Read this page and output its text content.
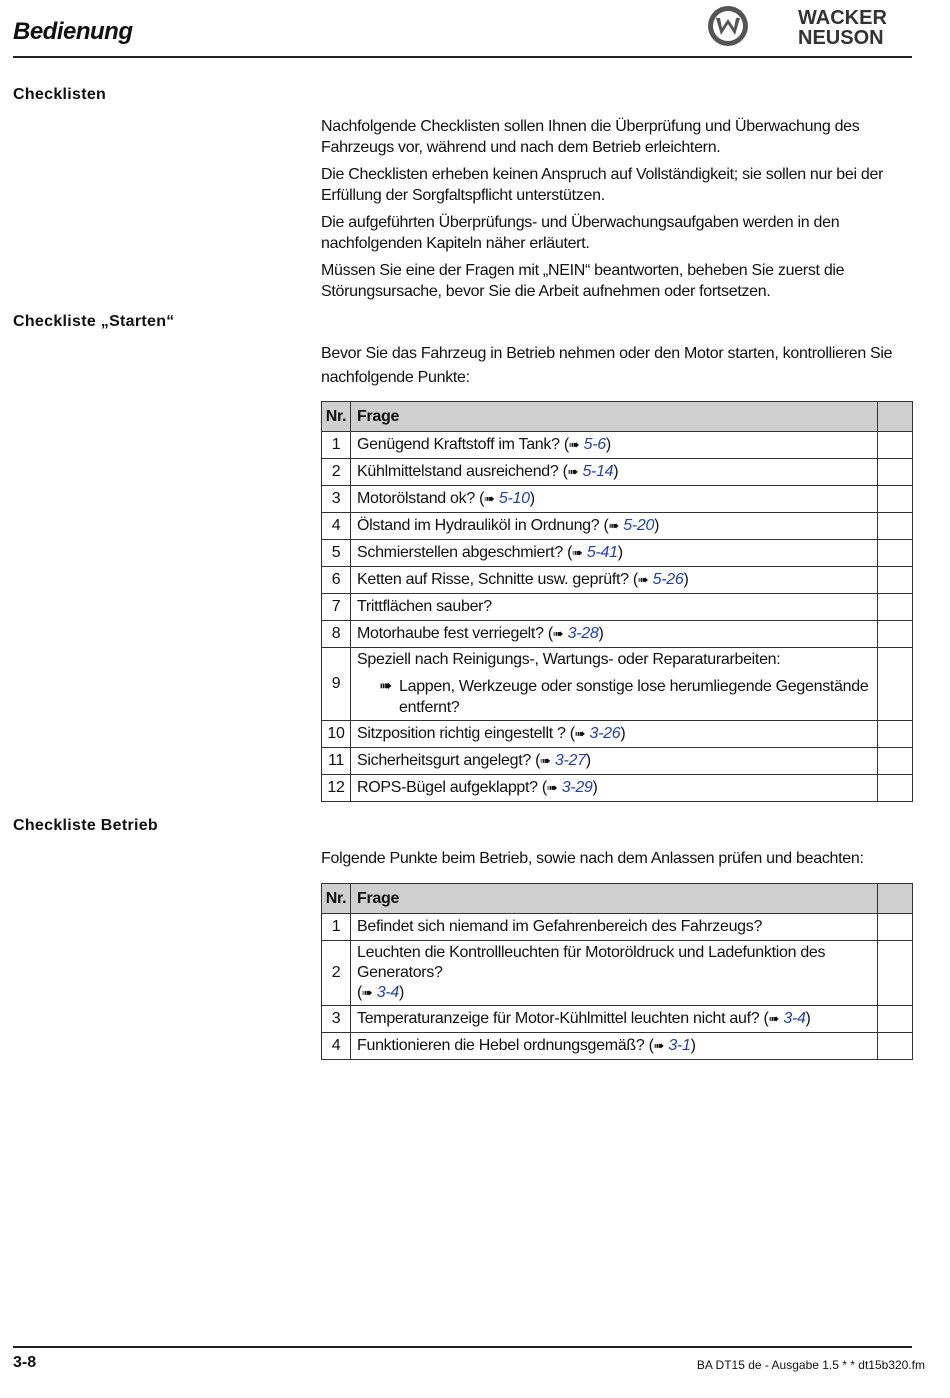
Bedienung	WACKER
NEUSON
Checklisten
Checkliste „Starten“
Checkliste Betrieb

Nachfolgende Checklisten sollen Ihnen die Überprüfung und Überwachung des Fahrzeugs vor, während und nach dem Betrieb erleichtern.

Die Checklisten erheben keinen Anspruch auf Vollständigkeit; sie sollen nur bei der Erfüllung der Sorgfaltspflicht unterstützen.

Die aufgeführten Überprüfungs- und Überwachungsaufgaben werden in den nachfolgenden Kapiteln näher erläutert.

Müssen Sie eine der Fragen mit „NEIN“ beantworten, beheben Sie zuerst die Störungsursache, bevor Sie die Arbeit aufnehmen oder fortsetzen.

Bevor Sie das Fahrzeug in Betrieb nehmen oder den Motor starten, kontrollieren Sie nachfolgende Punkte:
Nr.	Frage	
1	Genügend Kraftstoff im Tank? (➠ 5-6)	

2	Kühlmittelstand ausreichend? (➠ 5-14)	

3	Motorölstand ok? (➠ 5-10)	

4	Ölstand im Hydrauliköl in Ordnung? (➠ 5-20)	

5	Schmierstellen abgeschmiert? (➠ 5-41)	

6	Ketten auf Risse, Schnitte usw. geprüft? (➠ 5-26)	

7	Trittflächen sauber?	

8	Motorhaube fest verriegelt? (➠ 3-28)	

9	Speziell nach Reinigungs-, Wartungs- oder Reparaturarbeiten:
➠ Lappen, Werkzeuge oder sonstige lose herumliegende Gegenstände entfernt?	

10	Sitzposition richtig eingestellt ? (➠ 3-26)	

11	Sicherheitsgurt angelegt? (➠ 3-27)	

12	ROPS-Bügel aufgeklappt? (➠ 3-29)	

Folgende Punkte beim Betrieb, sowie nach dem Anlassen prüfen und beachten:
Nr.	Frage	
1	Befindet sich niemand im Gefahrenbereich des Fahrzeugs?	

2	Leuchten die Kontrollleuchten für Motoröldruck und Ladefunktion des Generators?
(➠ 3-4)	

3	Temperaturanzeige für Motor-Kühlmittel leuchten nicht auf? (➠ 3-4)	

4	Funktionieren die Hebel ordnungsgemäß? (➠ 3-1)	

3-8	BA DT15 de - Ausgabe 1.5 * * dt15b320.fm
